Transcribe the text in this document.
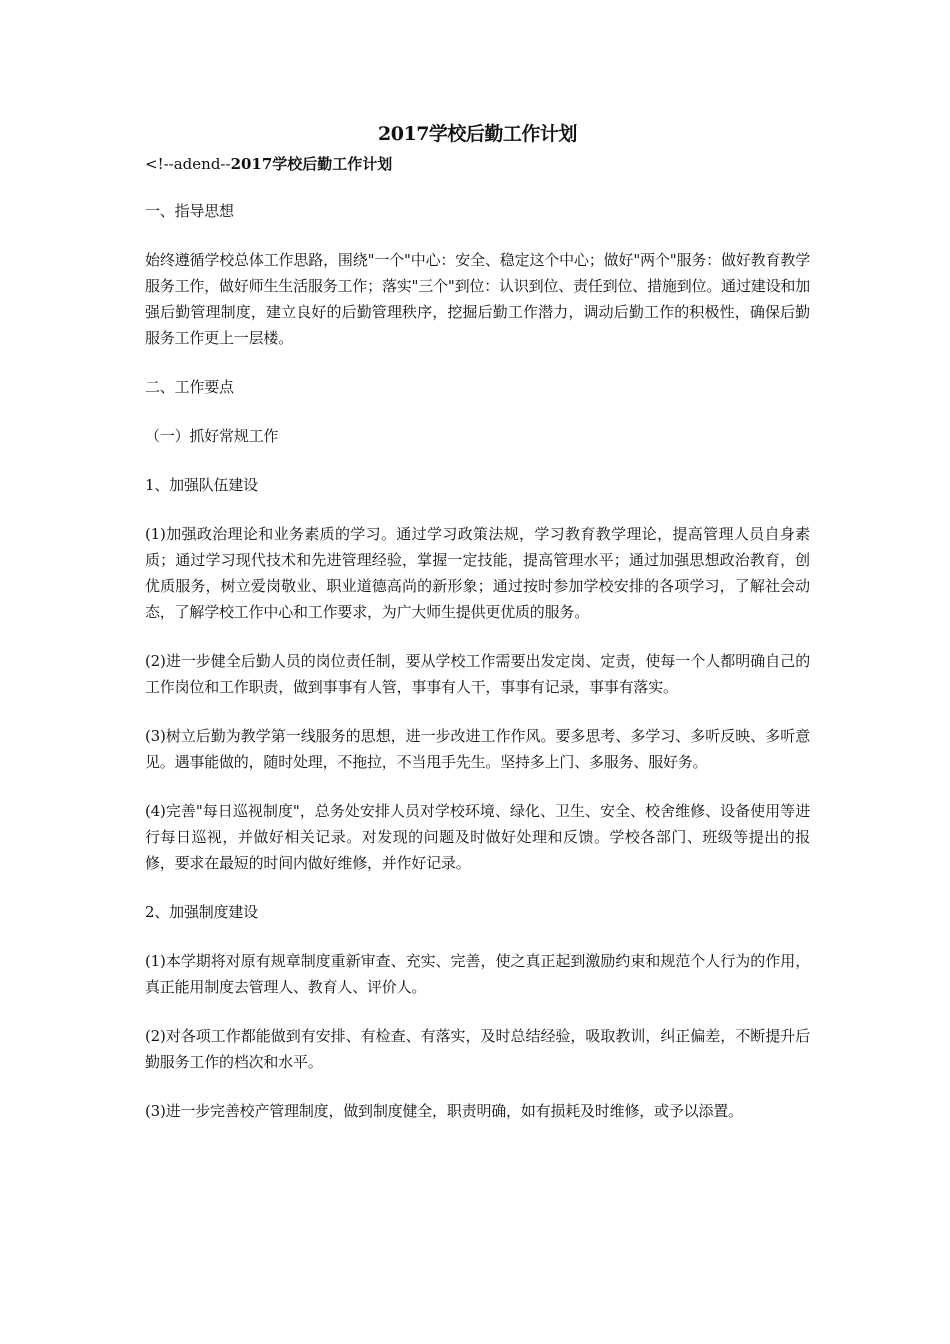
2017学校后勤工作计划

<!--adend--2017学校后勤工作计划

一、指导思想

始终遵循学校总体工作思路，围绕"一个"中心：安全、稳定这个中心；做好"两个"服务：做好教育教学服务工作，做好师生生活服务工作；落实"三个"到位：认识到位、责任到位、措施到位。通过建设和加强后勤管理制度，建立良好的后勤管理秩序，挖掘后勤工作潜力，调动后勤工作的积极性，确保后勤服务工作更上一层楼。

二、工作要点

（一）抓好常规工作

1、加强队伍建设

(1)加强政治理论和业务素质的学习。通过学习政策法规，学习教育教学理论，提高管理人员自身素质；通过学习现代技术和先进管理经验，掌握一定技能，提高管理水平；通过加强思想政治教育，创优质服务，树立爱岗敬业、职业道德高尚的新形象；通过按时参加学校安排的各项学习，了解社会动态，了解学校工作中心和工作要求，为广大师生提供更优质的服务。

(2)进一步健全后勤人员的岗位责任制，要从学校工作需要出发定岗、定责，使每一个人都明确自己的工作岗位和工作职责，做到事事有人管，事事有人干，事事有记录，事事有落实。

(3)树立后勤为教学第一线服务的思想，进一步改进工作作风。要多思考、多学习、多听反映、多听意见。遇事能做的，随时处理，不拖拉，不当甩手先生。坚持多上门、多服务、服好务。

(4)完善"每日巡视制度"，总务处安排人员对学校环境、绿化、卫生、安全、校舍维修、设备使用等进行每日巡视，并做好相关记录。对发现的问题及时做好处理和反馈。学校各部门、班级等提出的报修，要求在最短的时间内做好维修，并作好记录。

2、加强制度建设

(1)本学期将对原有规章制度重新审查、充实、完善，使之真正起到激励约束和规范个人行为的作用，真正能用制度去管理人、教育人、评价人。

(2)对各项工作都能做到有安排、有检查、有落实，及时总结经验，吸取教训，纠正偏差，不断提升后勤服务工作的档次和水平。

(3)进一步完善校产管理制度，做到制度健全，职责明确，如有损耗及时维修，或予以添置。
